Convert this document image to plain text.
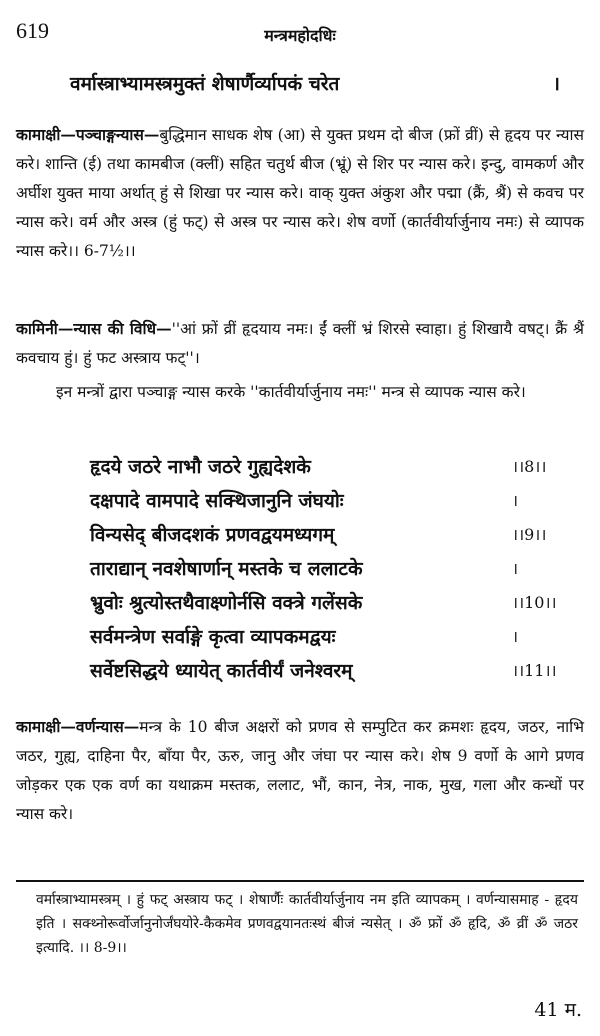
619	मन्त्रमहोदधिः
वर्मास्त्राभ्यामस्त्रमुक्तं शेषार्णैर्व्यापकं चरेत	।
कामाक्षी—पञ्चाङ्गन्यास—बुद्धिमान साधक शेष (आ) से युक्त प्रथम दो बीज (फ्रों व्रीं) से हृदय पर न्यास करे। शान्ति (ई) तथा कामबीज (क्लीं) सहित चतुर्थ बीज (भ्रूं) से शिर पर न्यास करे। इन्दु, वामकर्ण और अर्घीश युक्त माया अर्थात् हुं से शिखा पर न्यास करे। वाक् युक्त अंकुश और पद्मा (क्रैं, श्रैं) से कवच पर न्यास करे। वर्म और अस्त्र (हुं फट्) से अस्त्र पर न्यास करे। शेष वर्णो (कार्तवीर्यार्जुनाय नमः) से व्यापक न्यास करे।। 6-7½।।
कामिनी—न्यास की विधि—''आं फ्रों व्रीं हृदयाय नमः। ईं क्लीं भ्रं शिरसे स्वाहा। हुं शिखायै वषट्। क्रैं श्रैं कवचाय हुं। हुं फट अस्त्राय फट्''।
इन मन्त्रों द्वारा पञ्चाङ्ग न्यास करके ''कार्तवीर्यार्जुनाय नमः'' मन्त्र से व्यापक न्यास करे।
हृदये जठरे नाभौ जठरे गुह्यदेशके	।।8।।
दक्षपादे वामपादे सक्थिजानुनि जंघयोः	।
विन्यसेद् बीजदशकं प्रणवद्वयमध्यगम्	।।9।।
ताराद्यान् नवशेषार्णान् मस्तके च ललाटके	।
भ्रुवोः श्रुत्योस्तथैवाक्ष्णोर्नसि वक्त्रे गलेंसके	।।10।।
सर्वमन्त्रेण सर्वाङ्गे कृत्वा व्यापकमद्वयः	।
सर्वेष्टसिद्धये ध्यायेत् कार्तवीर्यं जनेश्वरम्	।।11।।
कामाक्षी—वर्णन्यास—मन्त्र के 10 बीज अक्षरों को प्रणव से सम्पुटित कर क्रमशः हृदय, जठर, नाभि जठर, गुह्य, दाहिना पैर, बाँया पैर, ऊरु, जानु और जंघा पर न्यास करे। शेष 9 वर्णो के आगे प्रणव जोड़कर एक एक वर्ण का यथाक्रम मस्तक, ललाट, भौं, कान, नेत्र, नाक, मुख, गला और कन्धों पर न्यास करे।
वर्मास्त्राभ्यामस्त्रम् । हुं फट् अस्त्राय फट् । शेषार्णैः कार्तवीर्यार्जुनाय नम इति व्यापकम् । वर्णन्यासमाह - हृदय इति । सक्थ्नोरूर्वोर्जानुनोर्जंघयोरे-कैकमेव प्रणवद्वयानतःस्थं बीजं न्यसेत् । ॐ फ्रों ॐ हृदि, ॐ व्रीं ॐ जठर इत्यादि. ।। 8-9।।
41 म.
